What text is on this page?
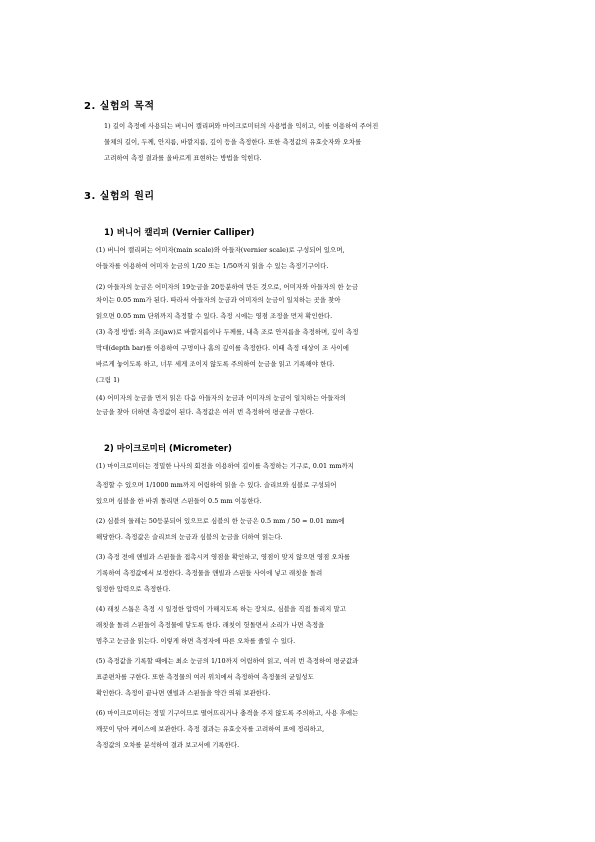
2. 실험의 목적
1) 길이 측정에 사용되는 버니어 캘리퍼와 마이크로미터의 사용법을 익히고, 이를 이용하여 주어진
물체의 길이, 두께, 안지름, 바깥지름, 깊이 등을 측정한다. 또한 측정값의 유효숫자와 오차를
고려하여 측정 결과를 올바르게 표현하는 방법을 익힌다.
3. 실험의 원리
1) 버니어 캘리퍼 (Vernier Calliper)
(1) 버니어 캘리퍼는 어미자(main scale)와 아들자(vernier scale)로 구성되어 있으며,
아들자를 이용하여 어미자 눈금의 1/20 또는 1/50까지 읽을 수 있는 측정기구이다.
(2) 아들자의 눈금은 어미자의 19눈금을 20등분하여 만든 것으로, 어미자와 아들자의 한 눈금
차이는 0.05 mm가 된다. 따라서 아들자의 눈금과 어미자의 눈금이 일치하는 곳을 찾아
읽으면 0.05 mm 단위까지 측정할 수 있다. 측정 시에는 영점 조정을 먼저 확인한다.
(3) 측정 방법: 외측 조(jaw)로 바깥지름이나 두께를, 내측 조로 안지름을 측정하며, 깊이 측정
막대(depth bar)를 이용하여 구멍이나 홈의 깊이를 측정한다. 이때 측정 대상이 조 사이에
바르게 놓이도록 하고, 너무 세게 조이지 않도록 주의하여 눈금을 읽고 기록해야 한다.
(그림 1)
(4) 어미자의 눈금을 먼저 읽은 다음 아들자의 눈금과 어미자의 눈금이 일치하는 아들자의
눈금을 찾아 더하면 측정값이 된다. 측정값은 여러 번 측정하여 평균을 구한다.
2) 마이크로미터 (Micrometer)
(1) 마이크로미터는 정밀한 나사의 회전을 이용하여 길이를 측정하는 기구로, 0.01 mm까지
측정할 수 있으며 1/1000 mm까지 어림하여 읽을 수 있다. 슬리브와 심블로 구성되어
있으며 심블을 한 바퀴 돌리면 스핀들이 0.5 mm 이동한다.
(2) 심블의 둘레는 50등분되어 있으므로 심블의 한 눈금은 0.5 mm / 50 = 0.01 mm에
해당한다. 측정값은 슬리브의 눈금과 심블의 눈금을 더하여 읽는다.
(3) 측정 전에 앤빌과 스핀들을 접촉시켜 영점을 확인하고, 영점이 맞지 않으면 영점 오차를
기록하여 측정값에서 보정한다. 측정물을 앤빌과 스핀들 사이에 넣고 래칫을 돌려
일정한 압력으로 측정한다.
(4) 래칫 스톱은 측정 시 일정한 압력이 가해지도록 하는 장치로, 심블을 직접 돌리지 말고
래칫을 돌려 스핀들이 측정물에 닿도록 한다. 래칫이 헛돌면서 소리가 나면 측정을
멈추고 눈금을 읽는다. 이렇게 하면 측정자에 따른 오차를 줄일 수 있다.
(5) 측정값을 기록할 때에는 최소 눈금의 1/10까지 어림하여 읽고, 여러 번 측정하여 평균값과
표준편차를 구한다. 또한 측정물의 여러 위치에서 측정하여 측정물의 균일성도
확인한다. 측정이 끝나면 앤빌과 스핀들을 약간 띄워 보관한다.
(6) 마이크로미터는 정밀 기구이므로 떨어뜨리거나 충격을 주지 않도록 주의하고, 사용 후에는
깨끗이 닦아 케이스에 보관한다. 측정 결과는 유효숫자를 고려하여 표에 정리하고,
측정값의 오차를 분석하여 결과 보고서에 기록한다.
